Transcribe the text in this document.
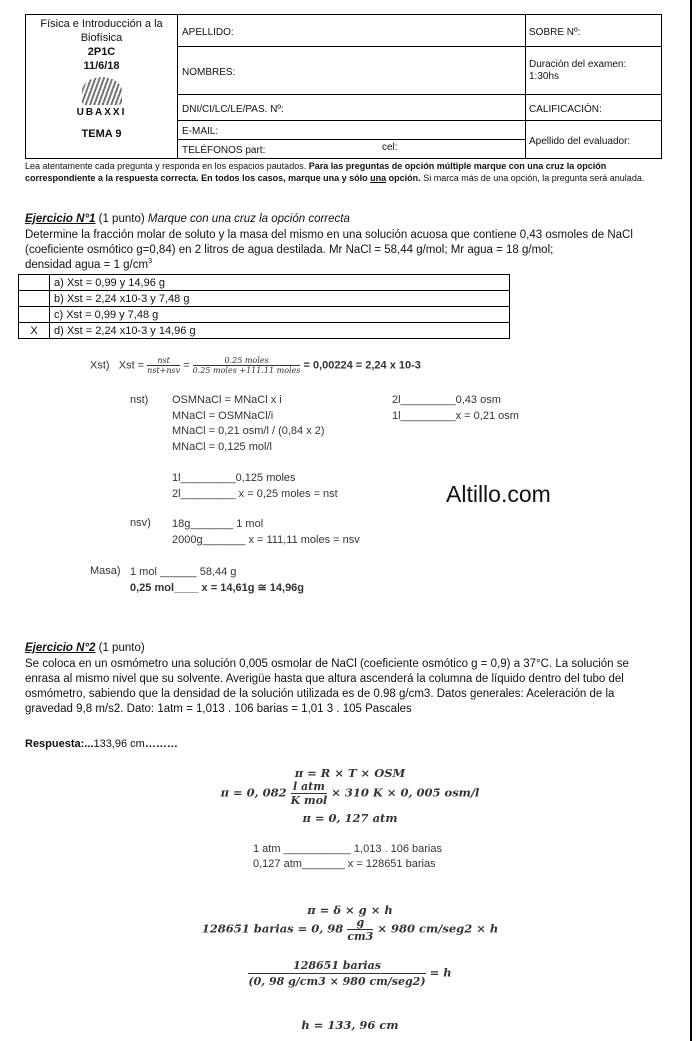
Física e Introducción a la Biofísica
2P1C
11/6/18
UBAXXI
TEMA 9	APELLIDO:	SOBRE Nº:
	NOMBRES:	Duración del examen: 1:30hs

	DNI/CI/LC/LE/PAS. Nº:	CALIFICACIÓN:
	E-MAIL:	Apellido del evaluador:
	TELÉFONOS part: cel:	
Lea atentamente cada pregunta y responda en los espacios pautados. Para las preguntas de opción múltiple marque con una cruz la opción correspondiente a la respuesta correcta. En todos los casos, marque una y sólo una opción. Si marca más de una opción, la pregunta será anulada.
Ejercicio N°1 (1 punto) Marque con una cruz la opción correcta
Determine la fracción molar de soluto y la masa del mismo en una solución acuosa que contiene 0,43 osmoles de NaCl
(coeficiente osmótico g=0,84) en 2 litros de agua destilada. Mr NaCl = 58,44 g/mol; Mr agua = 18 g/mol;
densidad agua = 1 $g/cm^3$
	a) Xst = 0,99 y 14,96 g
	b) Xst = 2,24 x10-3 y 7,48 g
	c) Xst = 0,99 y 7,48 g
X	d) Xst = 2,24 x10-3 y 14,96 g
Xst) Xst = $\frac{\text{nst}}{\text{nst+nsv}} = \frac{\text{0.25 moles}}{\text{0.25 moles +111.11 moles}} = 0,00224 = 2,24$ x 10-3
nst) OSMNaCl = MNaCl x i
MNaCl = OSMNaCl/i
MNaCl = 0,21 osm/l / (0,84 x 2)
MNaCl = 0,125 mol/l
2l_________0,43 osm
1l_________x = 0,21 osm
1l_________0,125 moles
2l_________ x = 0,25 moles = nst	Altillo.com
nsv) 18g_______ 1 mol
2000g_______ x = 111,11 moles = nsv
Masa) 1 mol ______ 58,44 g
0,25 mol____ x = 14,61g ≅ 14,96g
Ejercicio N°2 (1 punto)
Se coloca en un osmómetro una solución 0,005 osmolar de NaCl (coeficiente osmótico g = 0,9) a 37°C. La solución se
enrasa al mismo nivel que su solvente. Averigüe hasta que altura ascenderá la columna de líquido dentro del tubo del
osmómetro, sabiendo que la densidad de la solución utilizada es de 0.98 g/cm3. Datos generales: Aceleración de la
gravedad 9,8 m/s2. Dato: 1atm = 1,013 . 106 barias = 1,01 3 . 105 Pascales
Respuesta:...133,96 cm………
π = R × T × OSM
π = 0, $082 \frac{\text{l atm}}{\text{K mol}} \times 310$ K × 0, 005 osm/l
π = 0, 127 atm
1 atm ___________ 1,013 . 106 barias
0,127 atm_______ x = 128651 barias
π = δ × g × h
128651 barias = 0, $98 \frac{g}{cm3} \times 980$ cm/seg2 × h
$\frac{\text{128651 barias}}{\text{(0, 98 g/cm3 × 980 cm/seg2)}} = h$
h = 133, 96 cm
